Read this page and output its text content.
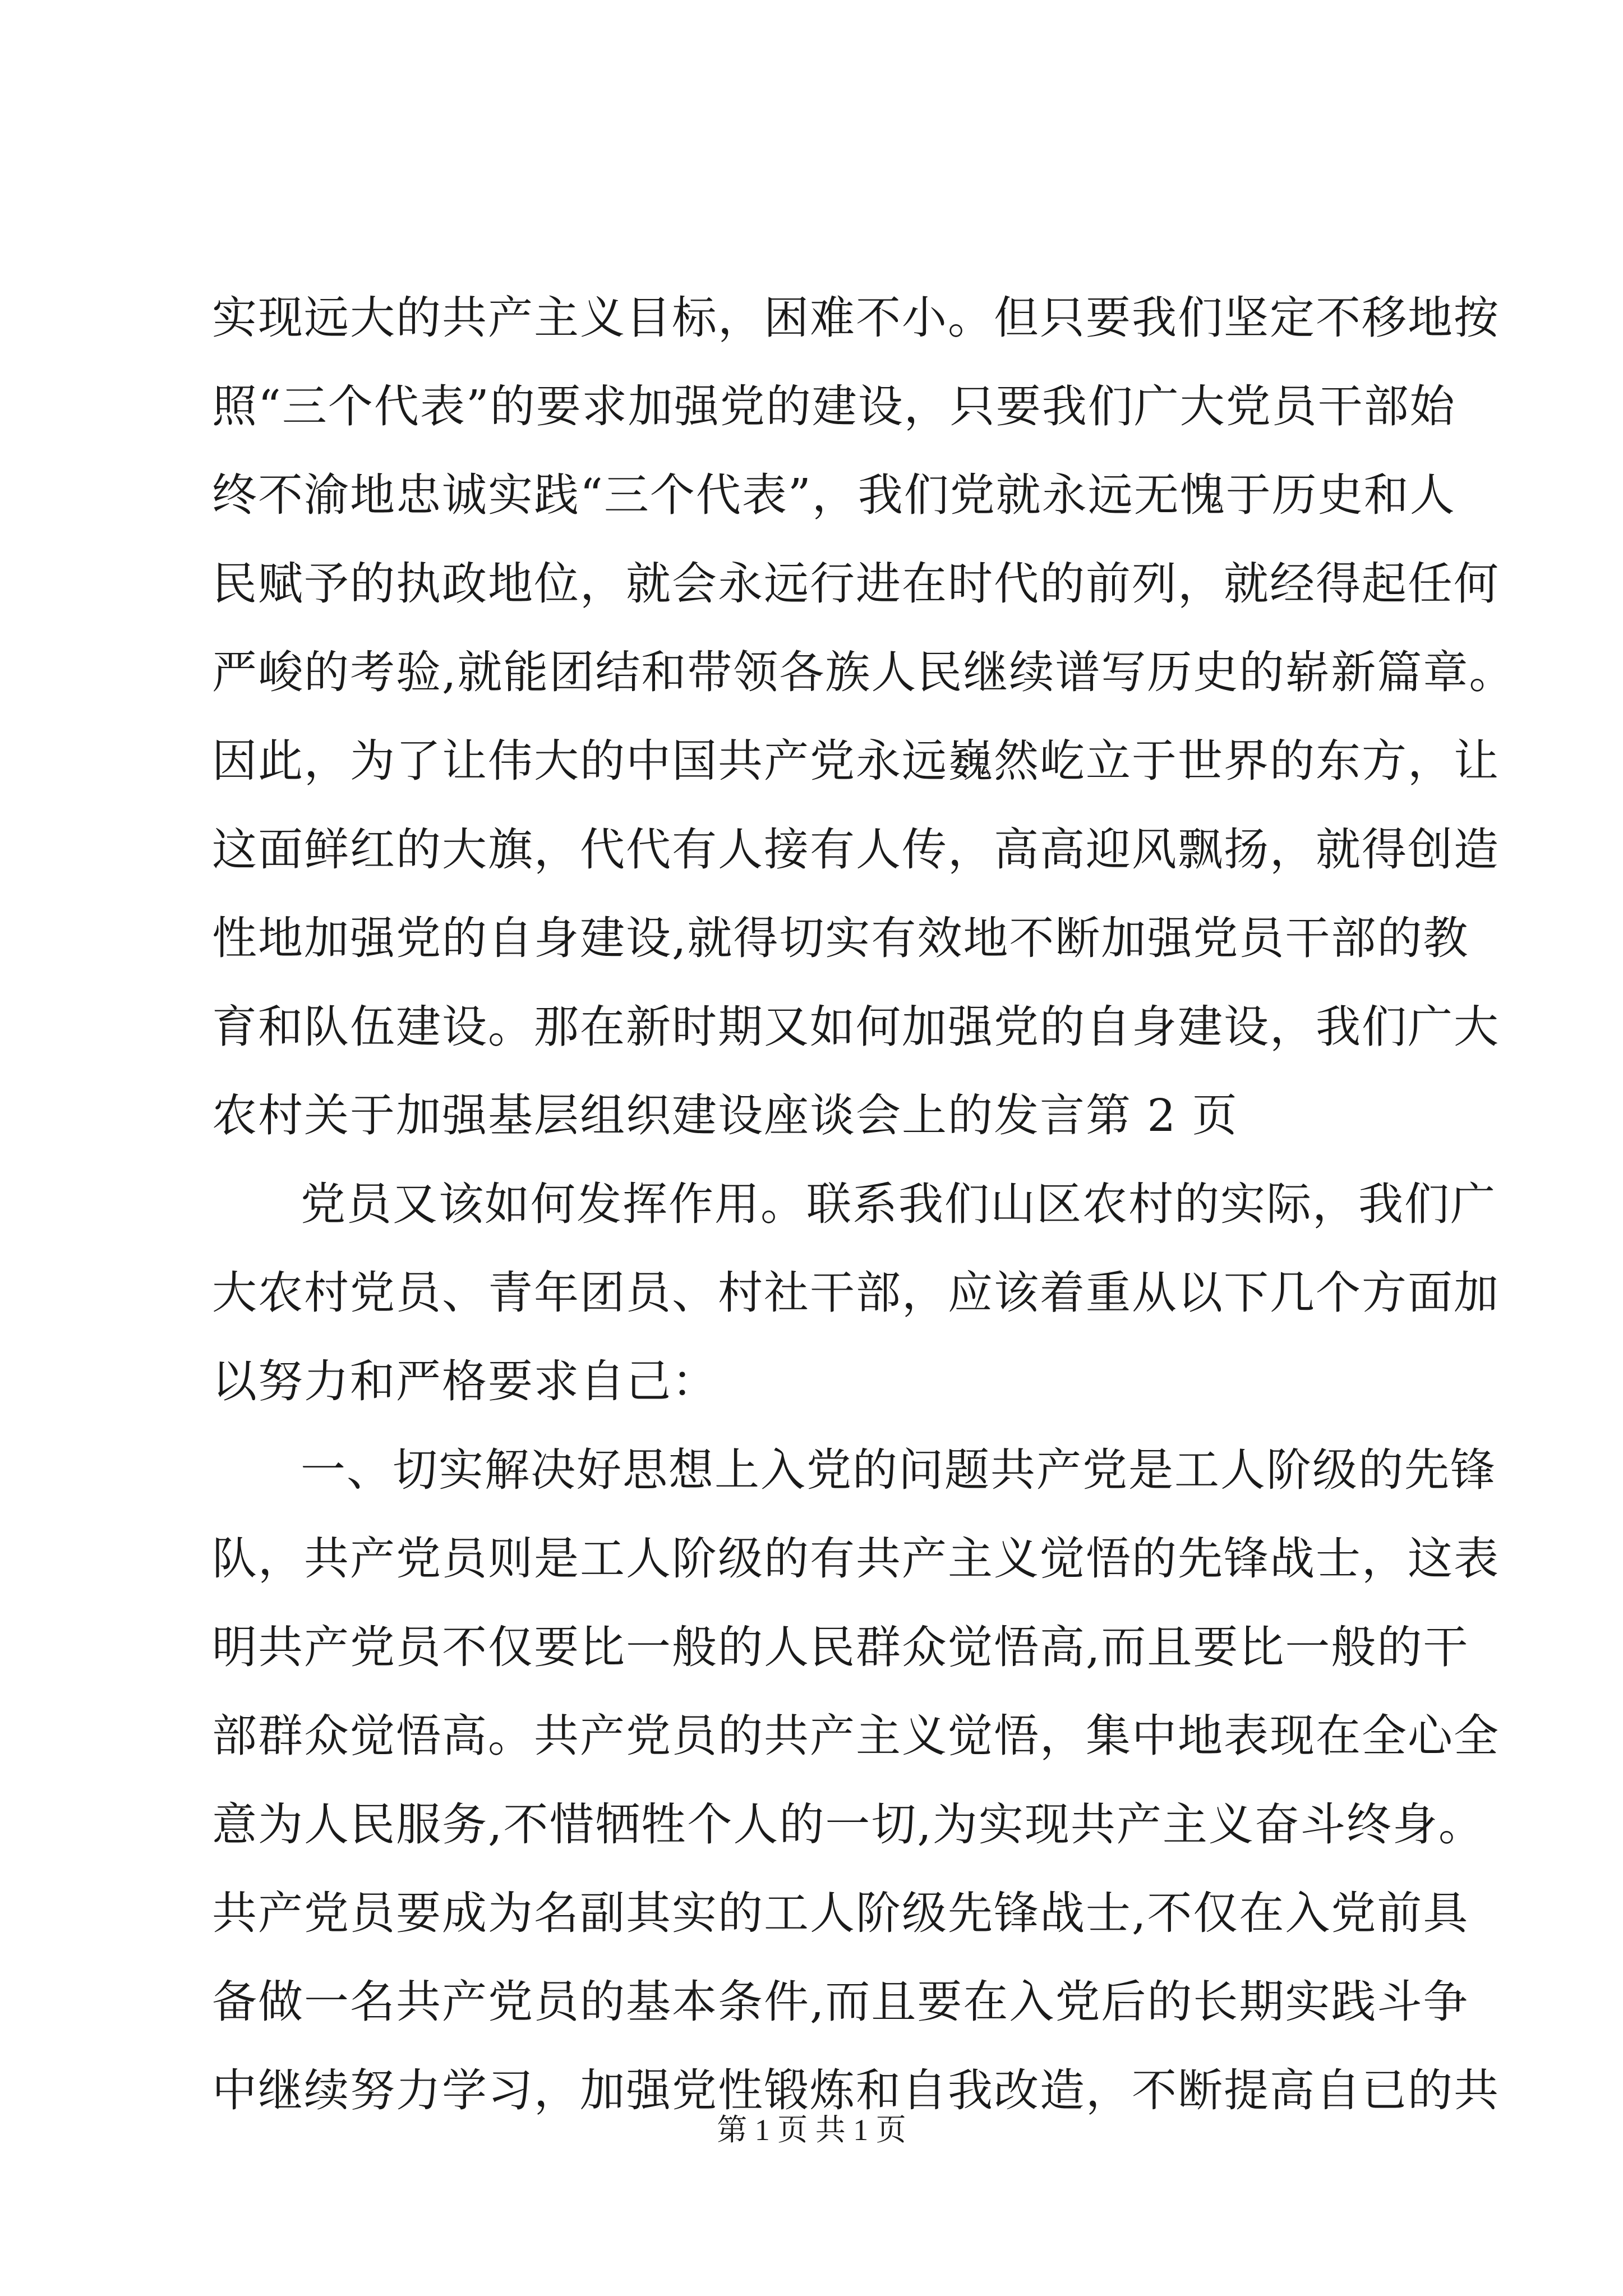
实现远大的共产主义目标，困难不小。但只要我们坚定不移地按
照“三个代表”的要求加强党的建设，只要我们广大党员干部始
终不渝地忠诚实践“三个代表”，我们党就永远无愧于历史和人
民赋予的执政地位，就会永远行进在时代的前列，就经得起任何
严峻的考验,就能团结和带领各族人民继续谱写历史的崭新篇章。
因此，为了让伟大的中国共产党永远巍然屹立于世界的东方，让
这面鲜红的大旗，代代有人接有人传，高高迎风飘扬，就得创造
性地加强党的自身建设,就得切实有效地不断加强党员干部的教
育和队伍建设。那在新时期又如何加强党的自身建设，我们广大
农村关于加强基层组织建设座谈会上的发言第 2 页
党员又该如何发挥作用。联系我们山区农村的实际，我们广
大农村党员、青年团员、村社干部，应该着重从以下几个方面加
以努力和严格要求自己：
一、切实解决好思想上入党的问题共产党是工人阶级的先锋
队，共产党员则是工人阶级的有共产主义觉悟的先锋战士，这表
明共产党员不仅要比一般的人民群众觉悟高,而且要比一般的干
部群众觉悟高。共产党员的共产主义觉悟，集中地表现在全心全
意为人民服务,不惜牺牲个人的一切,为实现共产主义奋斗终身。
共产党员要成为名副其实的工人阶级先锋战士,不仅在入党前具
备做一名共产党员的基本条件,而且要在入党后的长期实践斗争
中继续努力学习，加强党性锻炼和自我改造，不断提高自已的共
第 1 页 共 1 页
